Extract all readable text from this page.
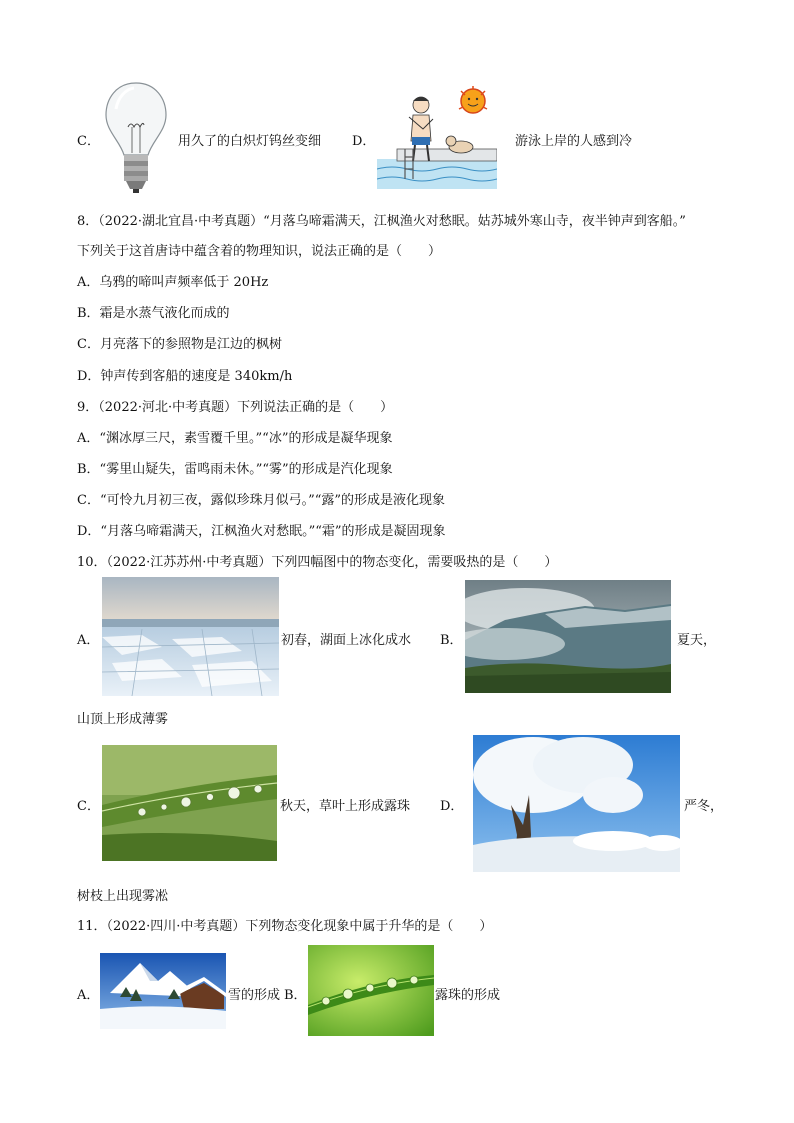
C．	用久了的白炽灯钨丝变细 D．	游泳上岸的人感到冷
8．（2022·湖北宜昌·中考真题）“月落乌啼霜满天，江枫渔火对愁眠。姑苏城外寒山寺，夜半钟声到客船。”
下列关于这首唐诗中蕴含着的物理知识，说法正确的是（　　）
A．乌鸦的啼叫声频率低于 20Hz
B．霜是水蒸气液化而成的
C．月亮落下的参照物是江边的枫树
D．钟声传到客船的速度是 340km/h
9．（2022·河北·中考真题）下列说法正确的是（　　）
A．“渊冰厚三尺，素雪覆千里。”“冰”的形成是凝华现象
B．“雾里山疑失，雷鸣雨未休。”“雾”的形成是汽化现象
C．“可怜九月初三夜，露似珍珠月似弓。”“露”的形成是液化现象
D．“月落乌啼霜满天，江枫渔火对愁眠。”“霜”的形成是凝固现象
10．（2022·江苏苏州·中考真题）下列四幅图中的物态变化，需要吸热的是（　　）
A．	初春，湖面上冰化成水 B．	夏天，
山顶上形成薄雾
C．	秋天，草叶上形成露珠 D．	严冬，
树枝上出现雾凇
11．（2022·四川·中考真题）下列物态变化现象中属于升华的是（　　）
A．	雪的形成 B．	露珠的形成
